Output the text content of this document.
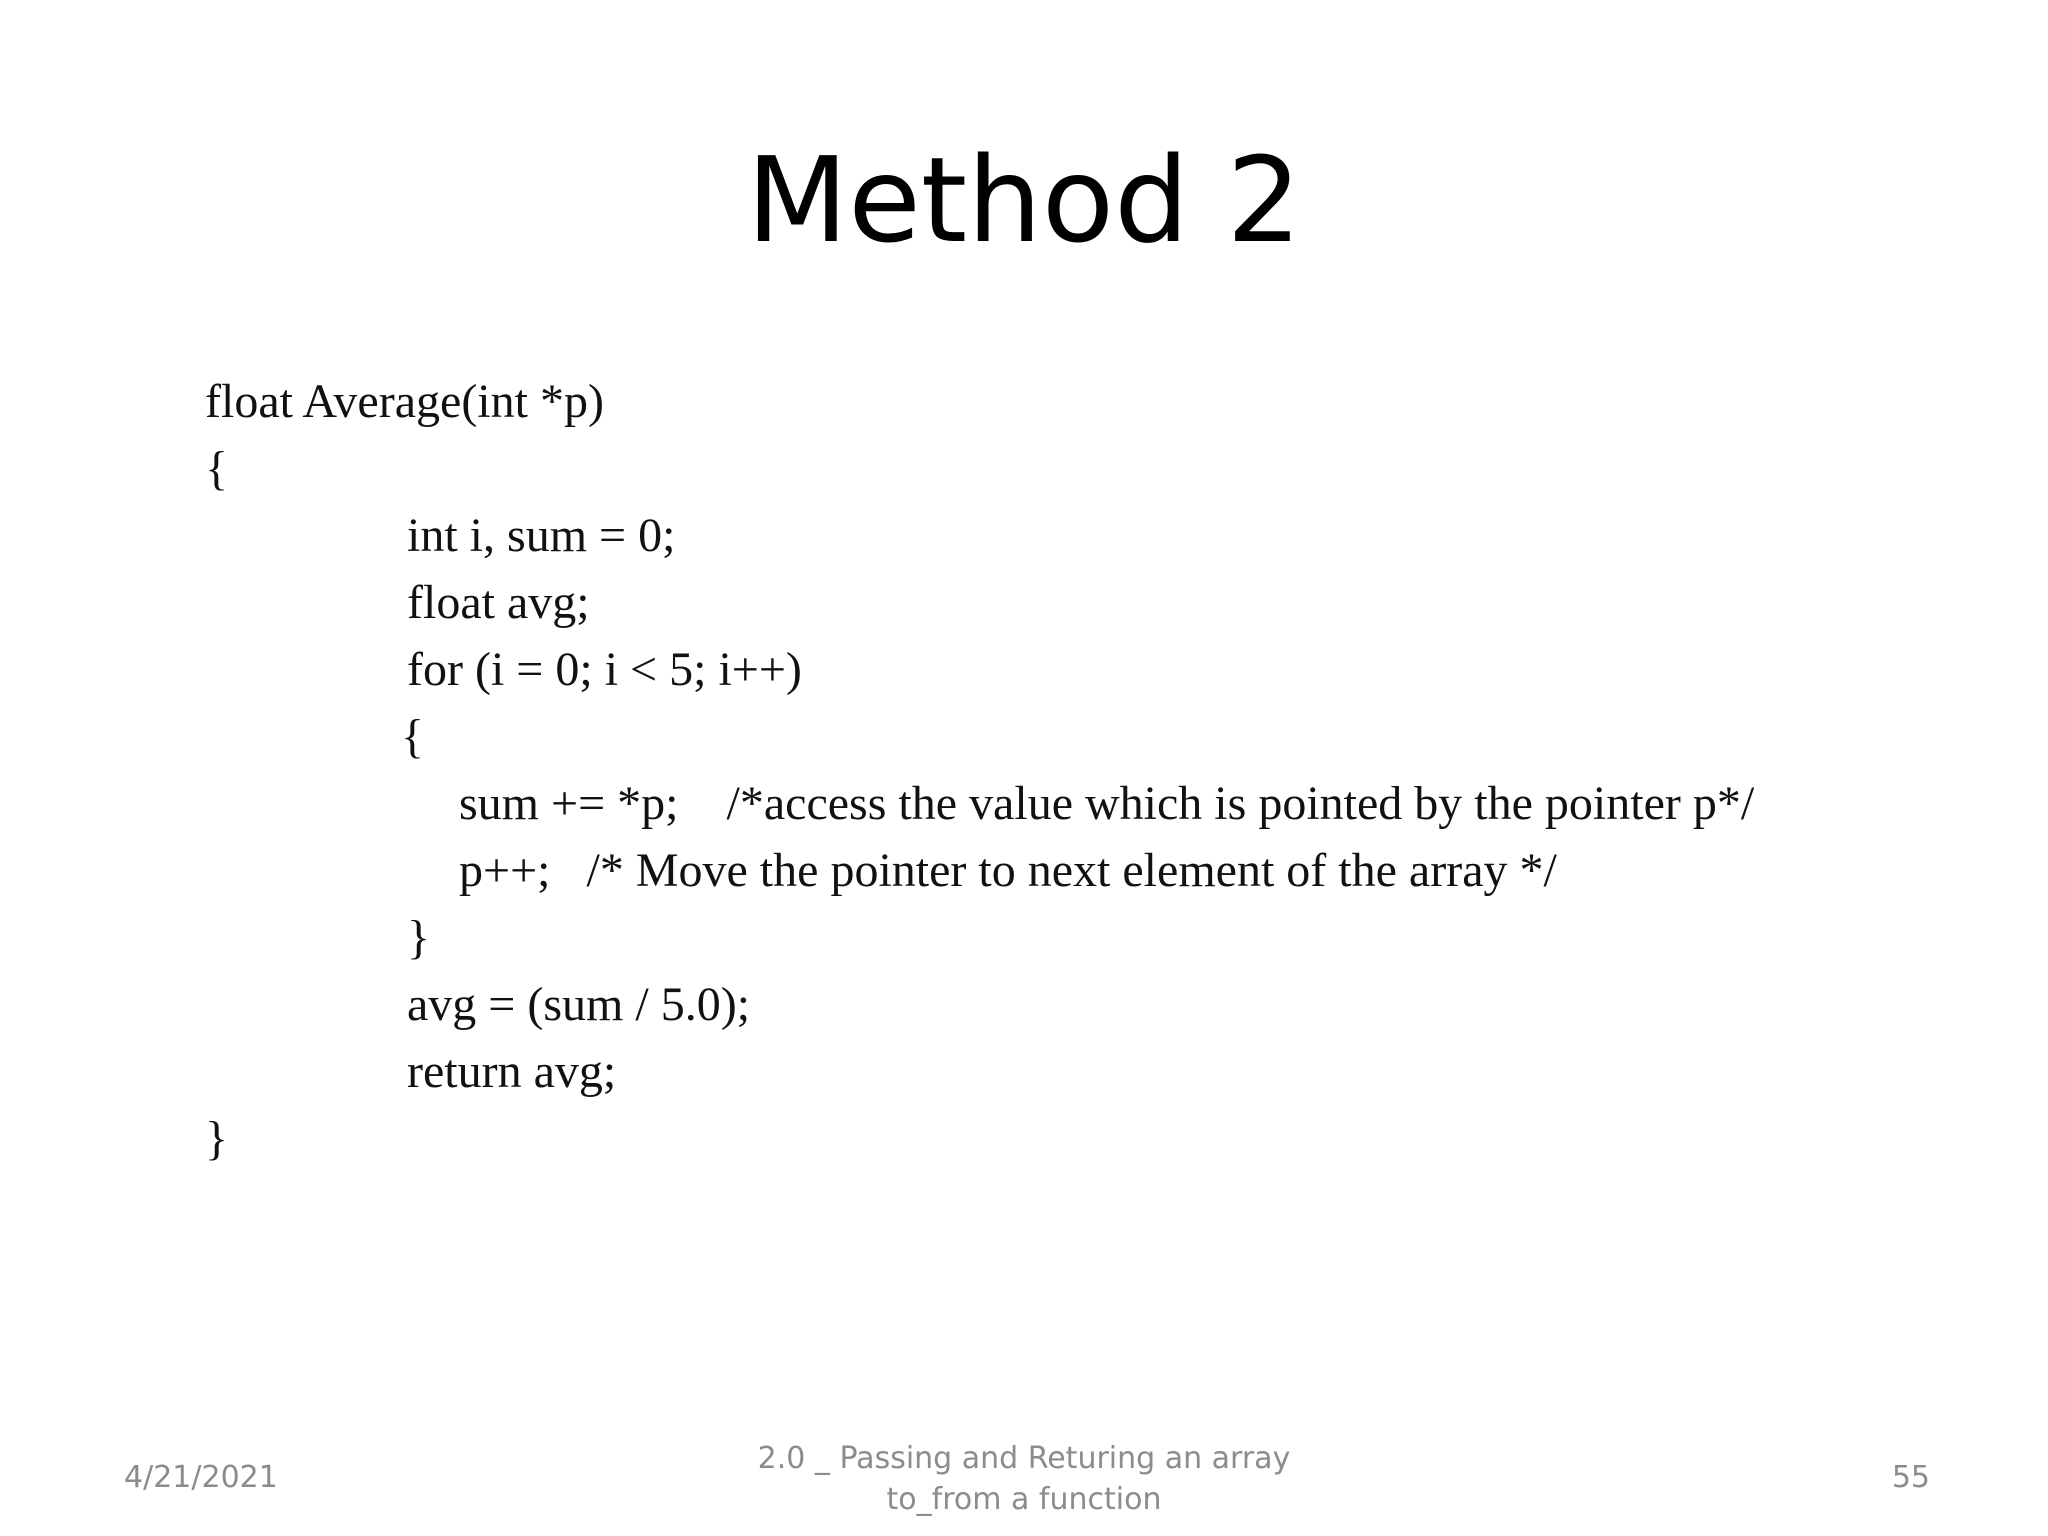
Method 2
float Average(int *p)
{
int i, sum = 0;
float avg;
for (i = 0; i < 5; i++)
{
sum += *p;    /*access the value which is pointed by the pointer p*/
p++;   /* Move the pointer to next element of the array */
}
avg = (sum / 5.0);
return avg;
}
4/21/2021
2.0 _ Passing and Returing an array
to_from a function
55
